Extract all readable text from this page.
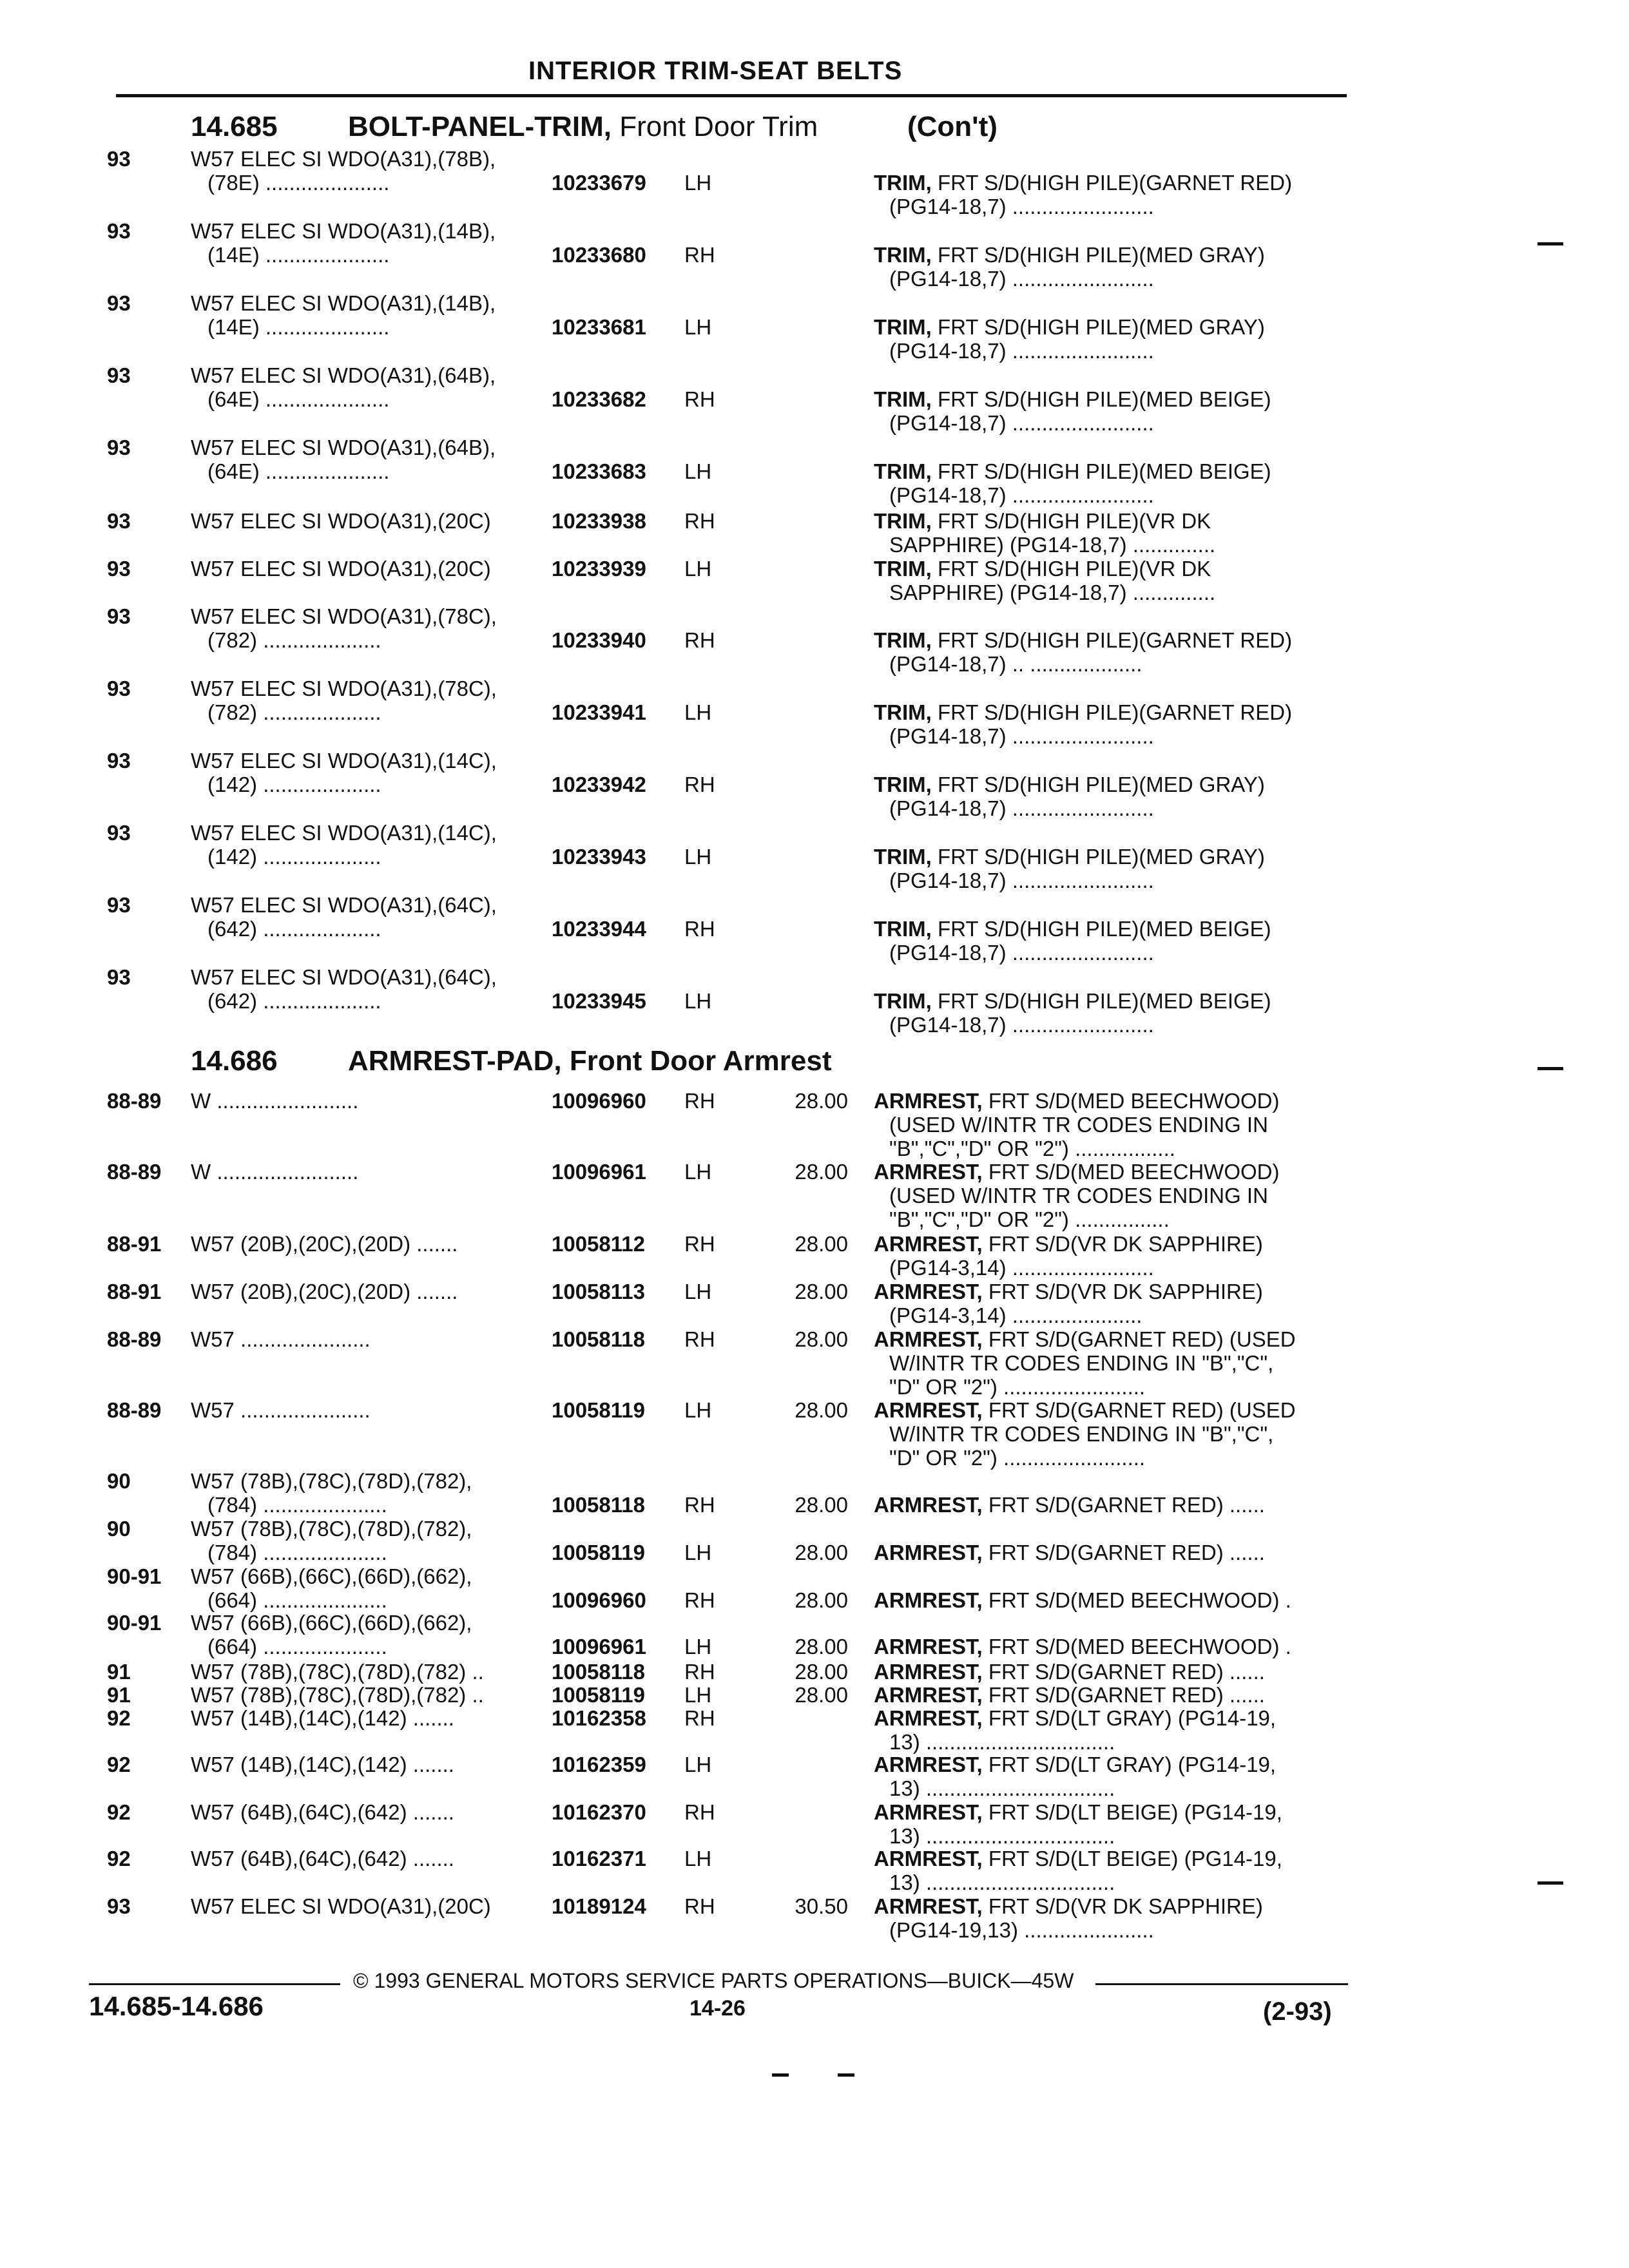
INTERIOR TRIM-SEAT BELTS
14.685 BOLT-PANEL-TRIM, Front Door Trim	(Con't)
14.686 ARMREST-PAD, Front Door Armrest
93	W57 ELEC SI WDO(A31),(78B),
(78E) .....................	10233679 LH	TRIM, FRT S/D(HIGH PILE)(GARNET RED)
(PG14-18,7) ........................
93	W57 ELEC SI WDO(A31),(14B),
(14E) .....................	10233680 RH	TRIM, FRT S/D(HIGH PILE)(MED GRAY)
(PG14-18,7) ........................
93	W57 ELEC SI WDO(A31),(14B),
(14E) .....................	10233681 LH	TRIM, FRT S/D(HIGH PILE)(MED GRAY)
(PG14-18,7) ........................
93	W57 ELEC SI WDO(A31),(64B),
(64E) .....................	10233682 RH	TRIM, FRT S/D(HIGH PILE)(MED BEIGE)
(PG14-18,7) ........................
93	W57 ELEC SI WDO(A31),(64B),
(64E) .....................	10233683 LH	TRIM, FRT S/D(HIGH PILE)(MED BEIGE)
(PG14-18,7) ........................
93	W57 ELEC SI WDO(A31),(20C)	10233938 RH	TRIM, FRT S/D(HIGH PILE)(VR DK
SAPPHIRE) (PG14-18,7) ..............
93	W57 ELEC SI WDO(A31),(20C)	10233939 LH	TRIM, FRT S/D(HIGH PILE)(VR DK
SAPPHIRE) (PG14-18,7) ..............
93	W57 ELEC SI WDO(A31),(78C),
(782) ....................	10233940 RH	TRIM, FRT S/D(HIGH PILE)(GARNET RED)
(PG14-18,7) .. ...................
93	W57 ELEC SI WDO(A31),(78C),
(782) ....................	10233941 LH	TRIM, FRT S/D(HIGH PILE)(GARNET RED)
(PG14-18,7) ........................
93	W57 ELEC SI WDO(A31),(14C),
(142) ....................	10233942 RH	TRIM, FRT S/D(HIGH PILE)(MED GRAY)
(PG14-18,7) ........................
93	W57 ELEC SI WDO(A31),(14C),
(142) ....................	10233943 LH	TRIM, FRT S/D(HIGH PILE)(MED GRAY)
(PG14-18,7) ........................
93	W57 ELEC SI WDO(A31),(64C),
(642) ....................	10233944 RH	TRIM, FRT S/D(HIGH PILE)(MED BEIGE)
(PG14-18,7) ........................
93	W57 ELEC SI WDO(A31),(64C),
(642) ....................	10233945 LH	TRIM, FRT S/D(HIGH PILE)(MED BEIGE)
(PG14-18,7) ........................
88-89	W ........................	10096960 RH	28.00 ARMREST, FRT S/D(MED BEECHWOOD)
(USED W/INTR TR CODES ENDING IN
"B","C","D" OR "2") .................
88-89	W ........................	10096961 LH	28.00 ARMREST, FRT S/D(MED BEECHWOOD)
(USED W/INTR TR CODES ENDING IN
"B","C","D" OR "2") ................
88-91	W57 (20B),(20C),(20D) .......	10058112 RH	28.00 ARMREST, FRT S/D(VR DK SAPPHIRE)
(PG14-3,14) ........................
88-91	W57 (20B),(20C),(20D) .......	10058113 LH	28.00 ARMREST, FRT S/D(VR DK SAPPHIRE)
(PG14-3,14) ......................
88-89	W57 ......................	10058118 RH	28.00 ARMREST, FRT S/D(GARNET RED) (USED
W/INTR TR CODES ENDING IN "B","C",
"D" OR "2") ........................
88-89	W57 ......................	10058119 LH	28.00 ARMREST, FRT S/D(GARNET RED) (USED
W/INTR TR CODES ENDING IN "B","C",
"D" OR "2") ........................
90	W57 (78B),(78C),(78D),(782),
(784) .....................	10058118 RH	28.00 ARMREST, FRT S/D(GARNET RED) ......
90	W57 (78B),(78C),(78D),(782),
(784) .....................	10058119 LH	28.00 ARMREST, FRT S/D(GARNET RED) ......
90-91	W57 (66B),(66C),(66D),(662),
(664) .....................	10096960 RH	28.00 ARMREST, FRT S/D(MED BEECHWOOD) .
90-91	W57 (66B),(66C),(66D),(662),
(664) .....................	10096961 LH	28.00 ARMREST, FRT S/D(MED BEECHWOOD) .
91	W57 (78B),(78C),(78D),(782) ..	10058118 RH	28.00 ARMREST, FRT S/D(GARNET RED) ......
91	W57 (78B),(78C),(78D),(782) ..	10058119 LH	28.00 ARMREST, FRT S/D(GARNET RED) ......
92	W57 (14B),(14C),(142) .......	10162358 RH	ARMREST, FRT S/D(LT GRAY) (PG14-19,
13) ................................
92	W57 (14B),(14C),(142) .......	10162359 LH	ARMREST, FRT S/D(LT GRAY) (PG14-19,
13) ................................
92	W57 (64B),(64C),(642) .......	10162370 RH	ARMREST, FRT S/D(LT BEIGE) (PG14-19,
13) ................................
92	W57 (64B),(64C),(642) .......	10162371 LH	ARMREST, FRT S/D(LT BEIGE) (PG14-19,
13) ................................
93	W57 ELEC SI WDO(A31),(20C)	10189124 RH	30.50 ARMREST, FRT S/D(VR DK SAPPHIRE)
(PG14-19,13) ......................
© 1993 GENERAL MOTORS SERVICE PARTS OPERATIONS—BUICK—45W
14.685-14.686	14-26	(2-93)
